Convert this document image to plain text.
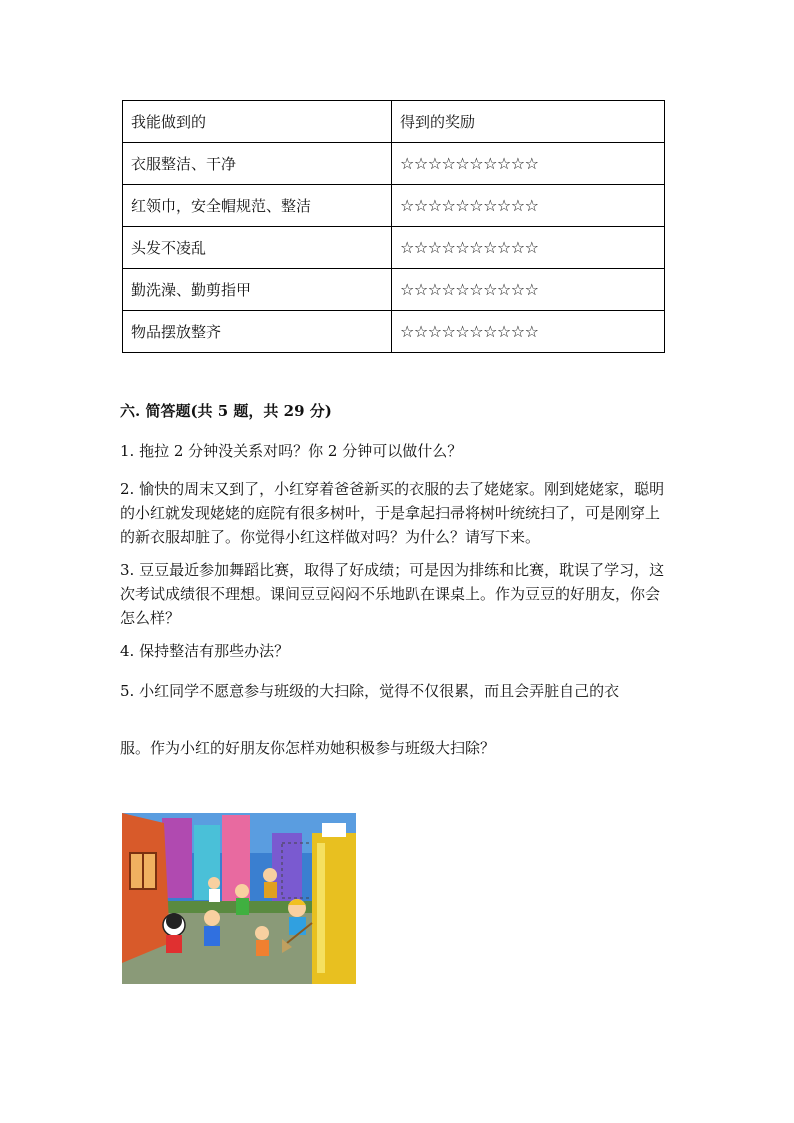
我能做到的	得到的奖励
衣服整洁、干净	☆☆☆☆☆☆☆☆☆☆
红领巾，安全帽规范、整洁	☆☆☆☆☆☆☆☆☆☆
头发不凌乱	☆☆☆☆☆☆☆☆☆☆
勤洗澡、勤剪指甲	☆☆☆☆☆☆☆☆☆☆
物品摆放整齐	☆☆☆☆☆☆☆☆☆☆
六. 简答题(共 5 题，共 29 分)
1. 拖拉 2 分钟没关系对吗？你 2 分钟可以做什么？
2. 愉快的周末又到了，小红穿着爸爸新买的衣服的去了姥姥家。刚到姥姥家，聪明的小红就发现姥姥的庭院有很多树叶，于是拿起扫帚将树叶统统扫了，可是刚穿上的新衣服却脏了。你觉得小红这样做对吗？为什么？请写下来。
3. 豆豆最近参加舞蹈比赛，取得了好成绩；可是因为排练和比赛，耽误了学习，这次考试成绩很不理想。课间豆豆闷闷不乐地趴在课桌上。作为豆豆的好朋友，你会怎么样？
4. 保持整洁有那些办法？
5. 小红同学不愿意参与班级的大扫除，觉得不仅很累，而且会弄脏自己的衣
服。作为小红的好朋友你怎样劝她积极参与班级大扫除？
